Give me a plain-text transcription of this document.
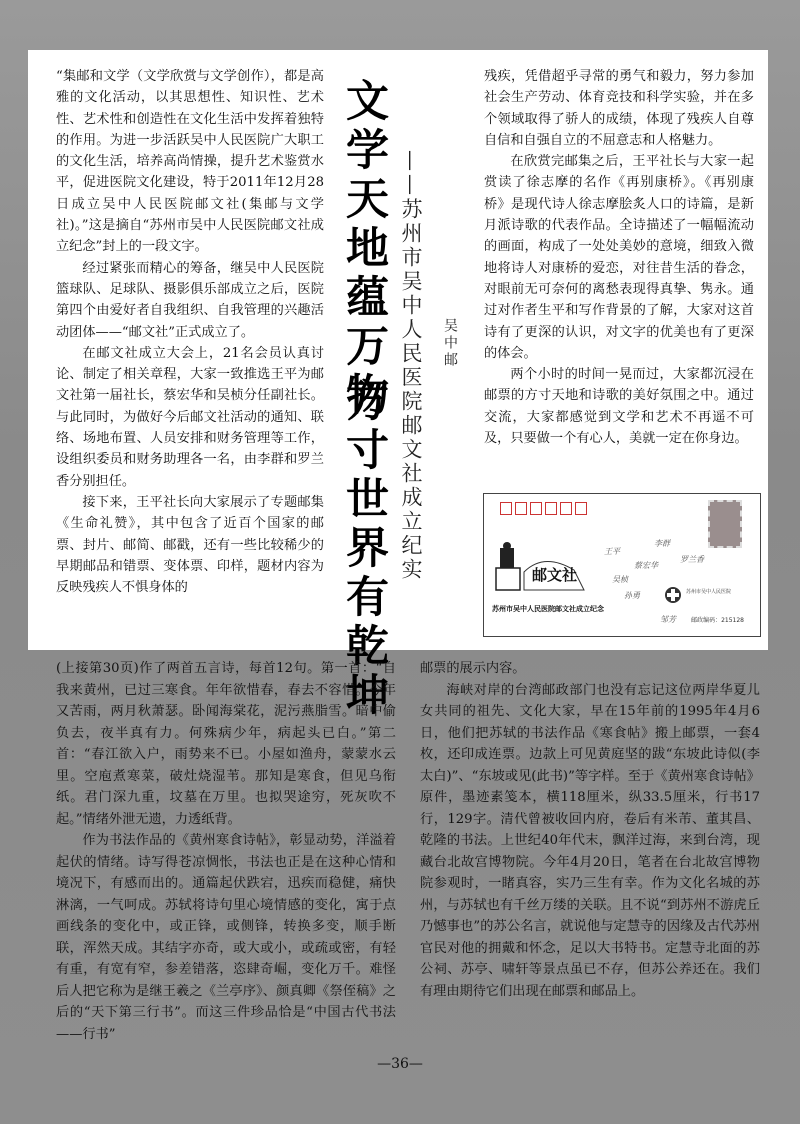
文学天地蕴万物
方寸世界有乾坤 ——苏州市吴中人民医院邮文社成立纪实 吴中邮

“集邮和文学（文学欣赏与文学创作），都是高雅的文化活动，以其思想性、知识性、艺术性、艺术性和创造性在文化生活中发挥着独特的作用。为进一步活跃吴中人民医院广大职工的文化生活，培养高尚情操，提升艺术鉴赏水平，促进医院文化建设，特于2011年12月28日成立吴中人民医院邮文社(集邮与文学社)。”这是摘自“苏州市吴中人民医院邮文社成立纪念”封上的一段文字。

经过紧张而精心的筹备，继吴中人民医院篮球队、足球队、摄影俱乐部成立之后，医院第四个由爱好者自我组织、自我管理的兴趣活动团体——“邮文社”正式成立了。

在邮文社成立大会上，21名会员认真讨论、制定了相关章程，大家一致推选王平为邮文社第一届社长，蔡宏华和吴桢分任副社长。与此同时，为做好今后邮文社活动的通知、联络、场地布置、人员安排和财务管理等工作，设组织委员和财务助理各一名，由李群和罗兰香分别担任。

接下来，王平社长向大家展示了专题邮集《生命礼赞》，其中包含了近百个国家的邮票、封片、邮简、邮戳，还有一些比较稀少的早期邮品和错票、变体票、印样，题材内容为反映残疾人不惧身体的

残疾，凭借超乎寻常的勇气和毅力，努力参加社会生产劳动、体育竞技和科学实验，并在多个领域取得了骄人的成绩，体现了残疾人自尊自信和自强自立的不屈意志和人格魅力。

在欣赏完邮集之后，王平社长与大家一起赏读了徐志摩的名作《再别康桥》。《再别康桥》是现代诗人徐志摩脍炙人口的诗篇，是新月派诗歌的代表作品。全诗描述了一幅幅流动的画面，构成了一处处美妙的意境，细致入微地将诗人对康桥的爱恋，对往昔生活的眷念，对眼前无可奈何的离愁表现得真挚、隽永。通过对作者生平和写作背景的了解，大家对这首诗有了更深的认识，对文字的优美也有了更深的体会。

两个小时的时间一晃而过，大家都沉浸在邮票的方寸天地和诗歌的美好氛围之中。通过交流，大家都感觉到文学和艺术不再遥不可及，只要做一个有心人，美就一定在你身边。

邮文社
苏州市吴中人民医院邮文社成立纪念
王平
蔡宏华
吴桢
李群
罗兰香
孙勇
邹芳
苏州市吴中人民医院
邮政编码：215128

(上接第30页)作了两首五言诗，每首12句。第一首：“自我来黄州，已过三寒食。年年欲惜春，春去不容惜。今年又苦雨，两月秋萧瑟。卧闻海棠花，泥污燕脂雪。暗中偷负去，夜半真有力。何殊病少年，病起头已白。”第二首：“春江欲入户，雨势来不已。小屋如渔舟，蒙蒙水云里。空庖煮寒菜，破灶烧湿苇。那知是寒食，但见乌衔纸。君门深九重，坟墓在万里。也拟哭途穷，死灰吹不起。”情绪外泄无遗，力透纸背。

作为书法作品的《黄州寒食诗帖》，彰显动势，洋溢着起伏的情绪。诗写得苍凉惆怅，书法也正是在这种心情和境况下，有感而出的。通篇起伏跌宕，迅疾而稳健，痛快淋漓，一气呵成。苏轼将诗句里心境情感的变化，寓于点画线条的变化中，或正锋，或侧锋，转换多变，顺手断联，浑然天成。其结字亦奇，或大或小，或疏或密，有轻有重，有宽有窄，参差错落，恣肆奇崛，变化万千。难怪后人把它称为是继王羲之《兰亭序》、颜真卿《祭侄稿》之后的“天下第三行书”。而这三件珍品恰是“中国古代书法——行书”

邮票的展示内容。

海峡对岸的台湾邮政部门也没有忘记这位两岸华夏儿女共同的祖先、文化大家，早在15年前的1995年4月6日，他们把苏轼的书法作品《寒食帖》搬上邮票，一套4枚，还印成连票。边款上可见黄庭坚的跋“东坡此诗似(李太白)”、“东坡或见(此书)”等字样。至于《黄州寒食诗帖》原件，墨迹素笺本，横118厘米，纵33.5厘米，行书17行，129字。清代曾被收回内府，卷后有米芾、董其昌、乾隆的书法。上世纪40年代末，飘洋过海，来到台湾，现藏台北故宫博物院。今年4月20日，笔者在台北故宫博物院参观时，一睹真容，实乃三生有幸。作为文化名城的苏州，与苏轼也有千丝万缕的关联。且不说“到苏州不游虎丘乃憾事也”的苏公名言，就说他与定慧寺的因缘及古代苏州官民对他的拥戴和怀念，足以大书特书。定慧寺北面的苏公祠、苏亭、啸轩等景点虽已不存，但苏公养还在。我们有理由期待它们出现在邮票和邮品上。

—36—
